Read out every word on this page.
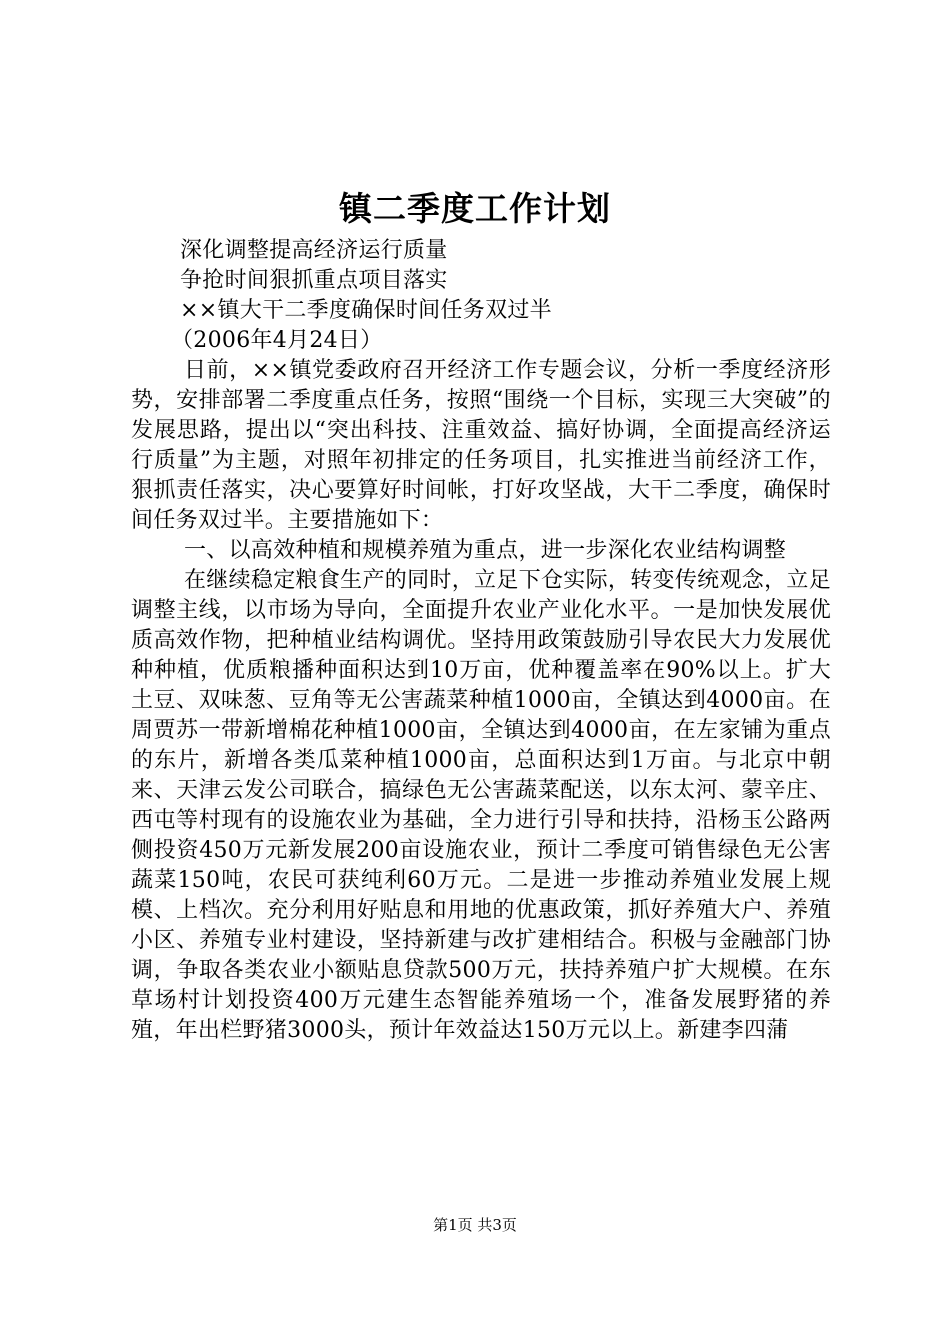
镇二季度工作计划

深化调整提高经济运行质量

争抢时间狠抓重点项目落实

××镇大干二季度确保时间任务双过半

（2006年4月24日）

日前，××镇党委政府召开经济工作专题会议，分析一季度经济形势，安排部署二季度重点任务，按照“围绕一个目标，实现三大突破”的发展思路，提出以“突出科技、注重效益、搞好协调，全面提高经济运行质量”为主题，对照年初排定的任务项目，扎实推进当前经济工作，狠抓责任落实，决心要算好时间帐，打好攻坚战，大干二季度，确保时间任务双过半。主要措施如下：

一、以高效种植和规模养殖为重点，进一步深化农业结构调整

在继续稳定粮食生产的同时，立足下仓实际，转变传统观念，立足调整主线，以市场为导向，全面提升农业产业化水平。一是加快发展优质高效作物，把种植业结构调优。坚持用政策鼓励引导农民大力发展优种种植，优质粮播种面积达到10万亩，优种覆盖率在90%以上。扩大土豆、双味葱、豆角等无公害蔬菜种植1000亩，全镇达到4000亩。在周贾苏一带新增棉花种植1000亩，全镇达到4000亩，在左家铺为重点的东片，新增各类瓜菜种植1000亩，总面积达到1万亩。与北京中朝来、天津云发公司联合，搞绿色无公害蔬菜配送，以东太河、蒙辛庄、西屯等村现有的设施农业为基础，全力进行引导和扶持，沿杨玉公路两侧投资450万元新发展200亩设施农业，预计二季度可销售绿色无公害蔬菜150吨，农民可获纯利60万元。二是进一步推动养殖业发展上规模、上档次。充分利用好贴息和用地的优惠政策，抓好养殖大户、养殖小区、养殖专业村建设，坚持新建与改扩建相结合。积极与金融部门协调，争取各类农业小额贴息贷款500万元，扶持养殖户扩大规模。在东草场村计划投资400万元建生态智能养殖场一个，准备发展野猪的养殖，年出栏野猪3000头，预计年效益达150万元以上。新建李四蒲

第1页 共3页
